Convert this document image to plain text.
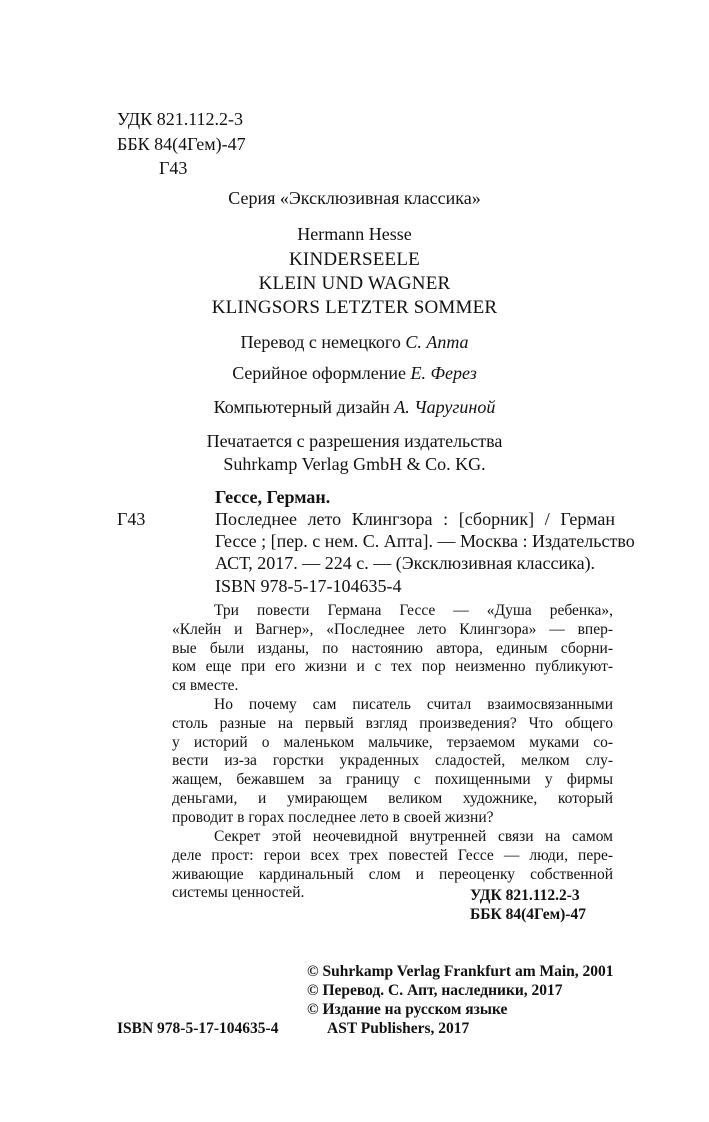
УДК 821.112.2-3
ББК 84(4Гем)-47
Г43
Серия «Эксклюзивная классика»
Hermann Hesse
KINDERSEELE
KLEIN UND WAGNER
KLINGSORS LETZTER SOMMER
Перевод с немецкого С. Апта
Серийное оформление Е. Ферез
Компьютерный дизайн А. Чаругиной
Печатается с разрешения издательства
Suhrkamp Verlag GmbH & Co. KG.
Гессе, Герман.
Г43	Последнее лето Клингзора : [сборник] / Герман
Гессе ; [пер. с нем. С. Апта]. — Москва : Издательство
АСТ, 2017. — 224 с. — (Эксклюзивная классика).
ISBN 978-5-17-104635-4
Три повести Германа Гессе — «Душа ребенка»,
«Клейн и Вагнер», «Последнее лето Клингзора» — впер-
вые были изданы, по настоянию автора, единым сборни-
ком еще при его жизни и с тех пор неизменно публикуют-
ся вместе.
Но почему сам писатель считал взаимосвязанными
столь разные на первый взгляд произведения? Что общего
у историй о маленьком мальчике, терзаемом муками со-
вести из-за горстки украденных сладостей, мелком слу-
жащем, бежавшем за границу с похищенными у фирмы
деньгами, и умирающем великом художнике, который
проводит в горах последнее лето в своей жизни?
Секрет этой неочевидной внутренней связи на самом
деле прост: герои всех трех повестей Гессе — люди, пере-
живающие кардинальный слом и переоценку собственной
системы ценностей.	УДК 821.112.2-3
ББК 84(4Гем)-47
© Suhrkamp Verlag Frankfurt am Main, 2001
© Перевод. С. Апт, наследники, 2017
© Издание на русском языке
ISBN 978-5-17-104635-4	AST Publishers, 2017
